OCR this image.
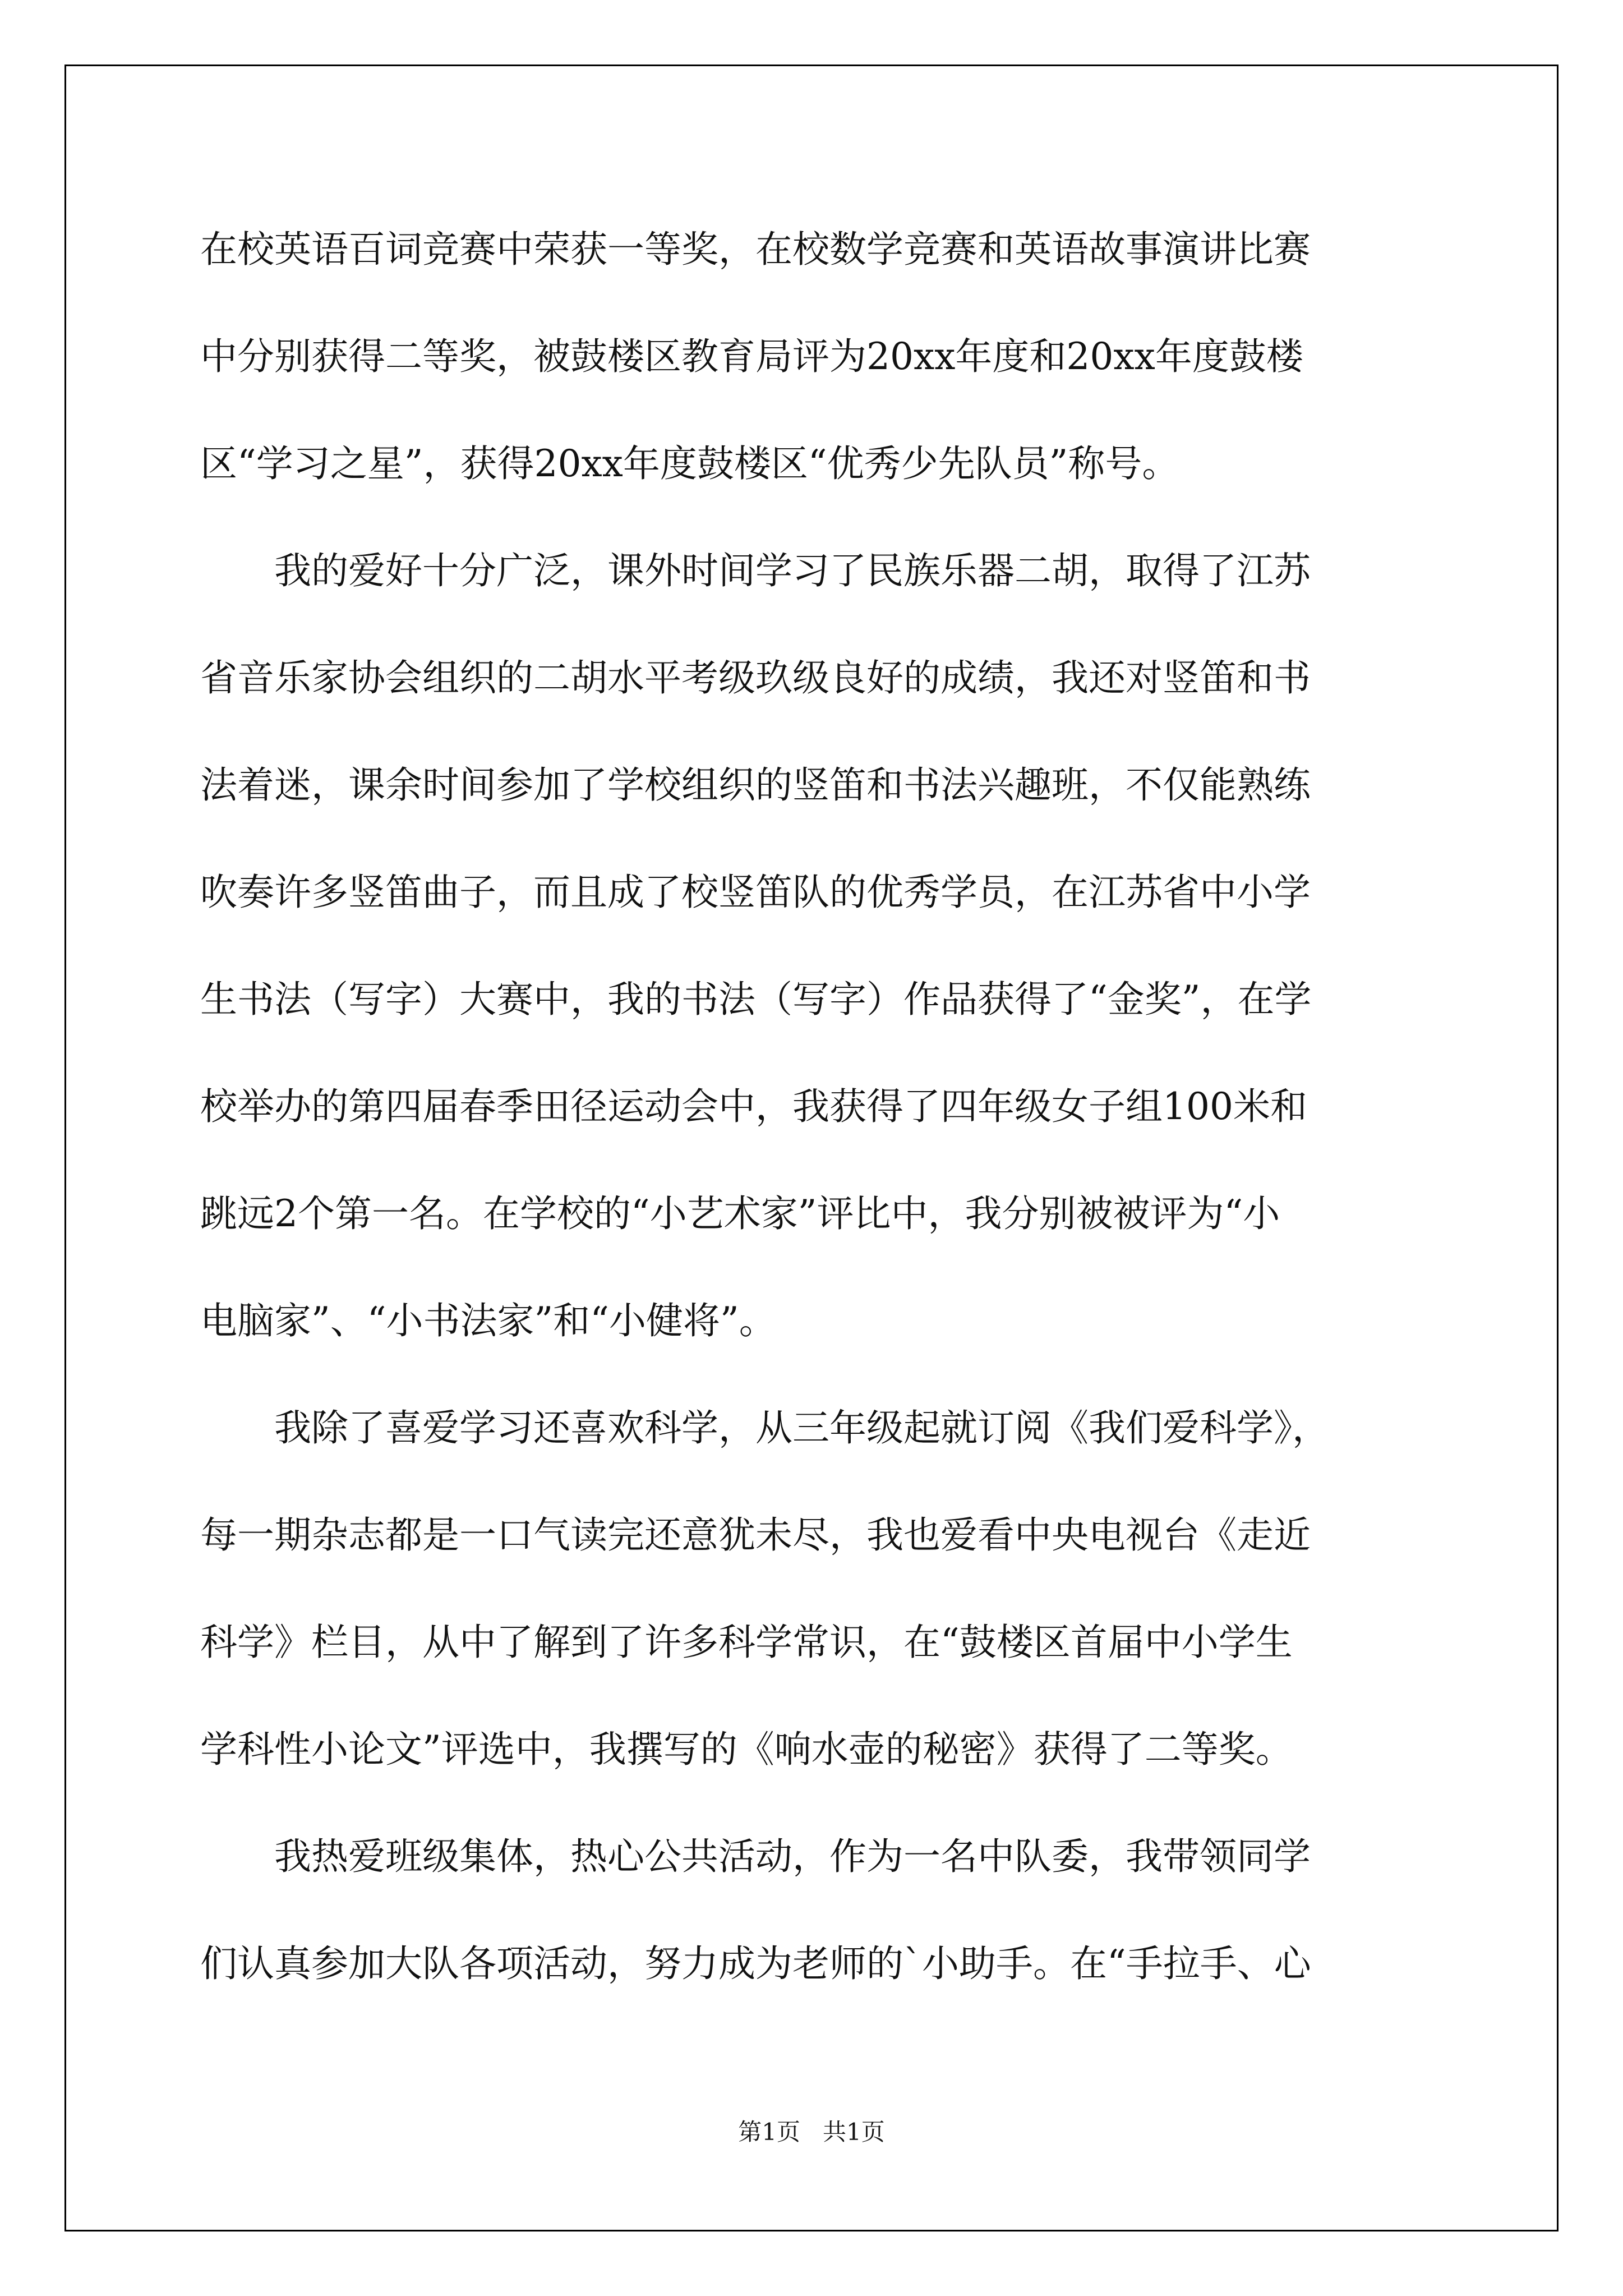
在校英语百词竞赛中荣获一等奖，在校数学竞赛和英语故事演讲比赛
中分别获得二等奖，被鼓楼区教育局评为20xx年度和20xx年度鼓楼
区“学习之星”，获得20xx年度鼓楼区“优秀少先队员”称号。
　　我的爱好十分广泛，课外时间学习了民族乐器二胡，取得了江苏
省音乐家协会组织的二胡水平考级玖级良好的成绩，我还对竖笛和书
法着迷，课余时间参加了学校组织的竖笛和书法兴趣班，不仅能熟练
吹奏许多竖笛曲子，而且成了校竖笛队的优秀学员，在江苏省中小学
生书法（写字）大赛中，我的书法（写字）作品获得了“金奖”，在学
校举办的第四届春季田径运动会中，我获得了四年级女子组100米和
跳远2个第一名。在学校的“小艺术家”评比中，我分别被被评为“小
电脑家”、“小书法家”和“小健将”。
　　我除了喜爱学习还喜欢科学，从三年级起就订阅《我们爱科学》，
每一期杂志都是一口气读完还意犹未尽，我也爱看中央电视台《走近
科学》栏目，从中了解到了许多科学常识，在“鼓楼区首届中小学生
学科性小论文”评选中，我撰写的《响水壶的秘密》获得了二等奖。
　　我热爱班级集体，热心公共活动，作为一名中队委，我带领同学
们认真参加大队各项活动，努力成为老师的`小助手。在“手拉手、心
第1页   共1页
